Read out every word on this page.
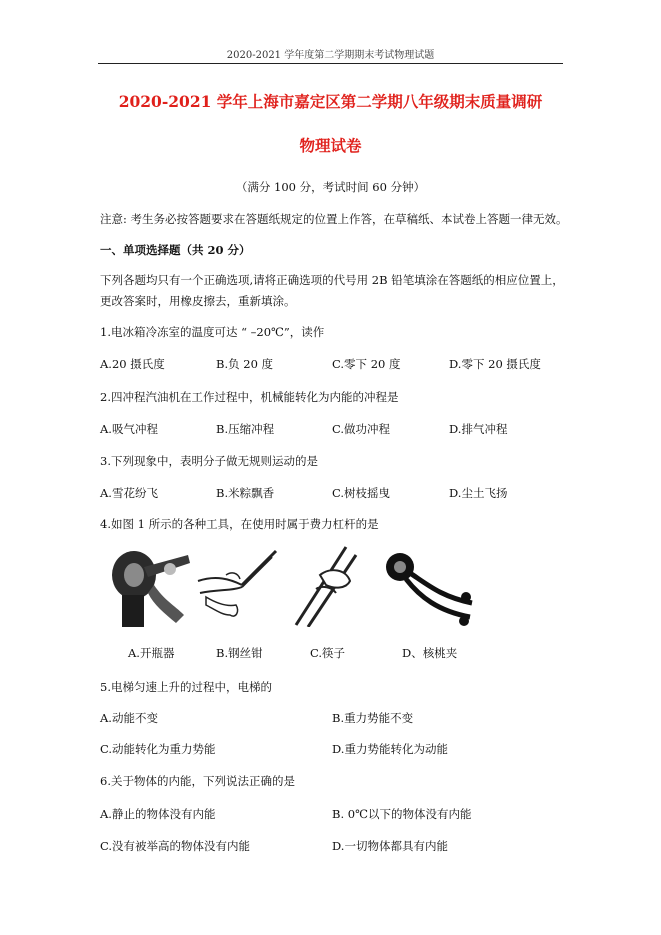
2020-2021 学年度第二学期期末考试物理试题
2020-2021 学年上海市嘉定区第二学期八年级期末质量调研
物理试卷
（满分 100 分，考试时间 60 分钟）
注意: 考生务必按答题要求在答题纸规定的位置上作答，在草稿纸、本试卷上答题一律无效。
一、单项选择题（共 20 分）
下列各题均只有一个正确选项,请将正确选项的代号用 2B 铅笔填涂在答题纸的相应位置上，
更改答案时，用橡皮擦去，重新填涂。
1.电冰箱冷冻室的温度可达 “ –20℃”，读作
A.20 摄氏度	B.负 20 度	C.零下 20 度	D.零下 20 摄氏度
2.四冲程汽油机在工作过程中，机械能转化为内能的冲程是
A.吸气冲程	B.压缩冲程	C.做功冲程	D.排气冲程
3.下列现象中，表明分子做无规则运动的是
A.雪花纷飞	B.米粽飘香	C.树枝摇曳	D.尘土飞扬
4.如图 1 所示的各种工具，在使用时属于费力杠杆的是
A.开瓶器	B.钢丝钳	C.筷子	D、核桃夹
5.电梯匀速上升的过程中，电梯的
A.动能不变	B.重力势能不变
C.动能转化为重力势能	D.重力势能转化为动能
6.关于物体的内能，下列说法正确的是
A.静止的物体没有内能	B. 0℃以下的物体没有内能
C.没有被举高的物体没有内能	D.一切物体都具有内能
